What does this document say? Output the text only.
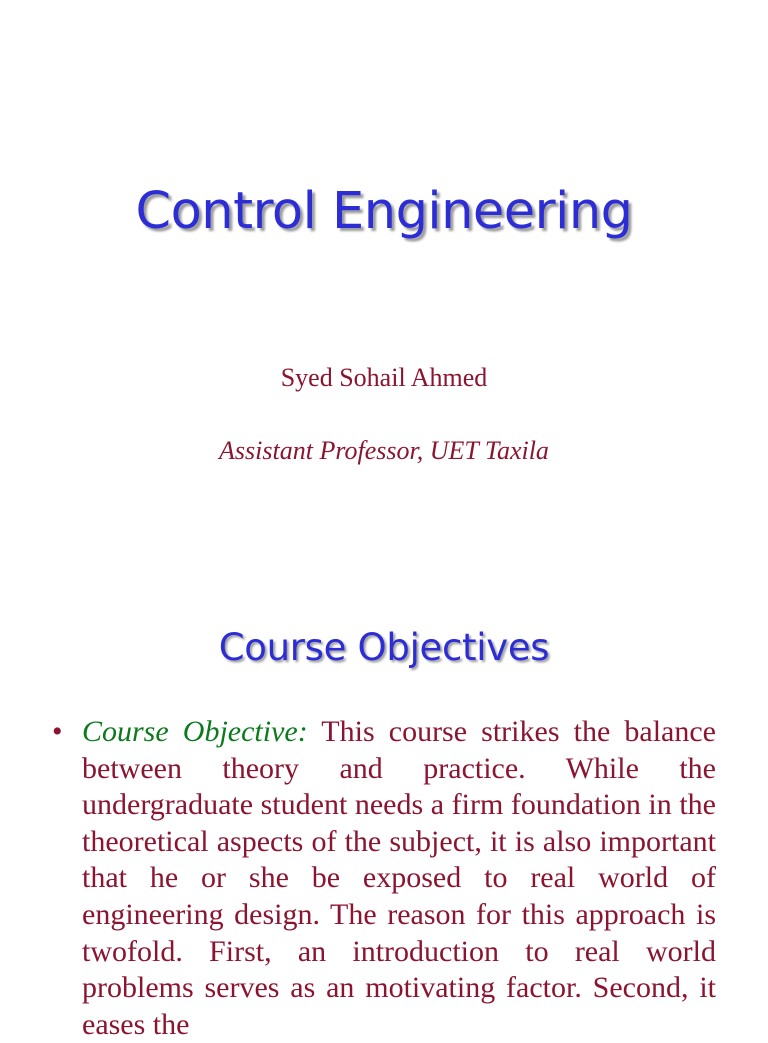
Control Engineering
Syed Sohail Ahmed
Assistant Professor, UET Taxila
Course Objectives
• Course Objective: This course strikes the balance between theory and practice. While the undergraduate student needs a firm foundation in the theoretical aspects of the subject, it is also important that he or she be exposed to real world of engineering design. The reason for this approach is twofold. First, an introduction to real world problems serves as an motivating factor. Second, it eases the
